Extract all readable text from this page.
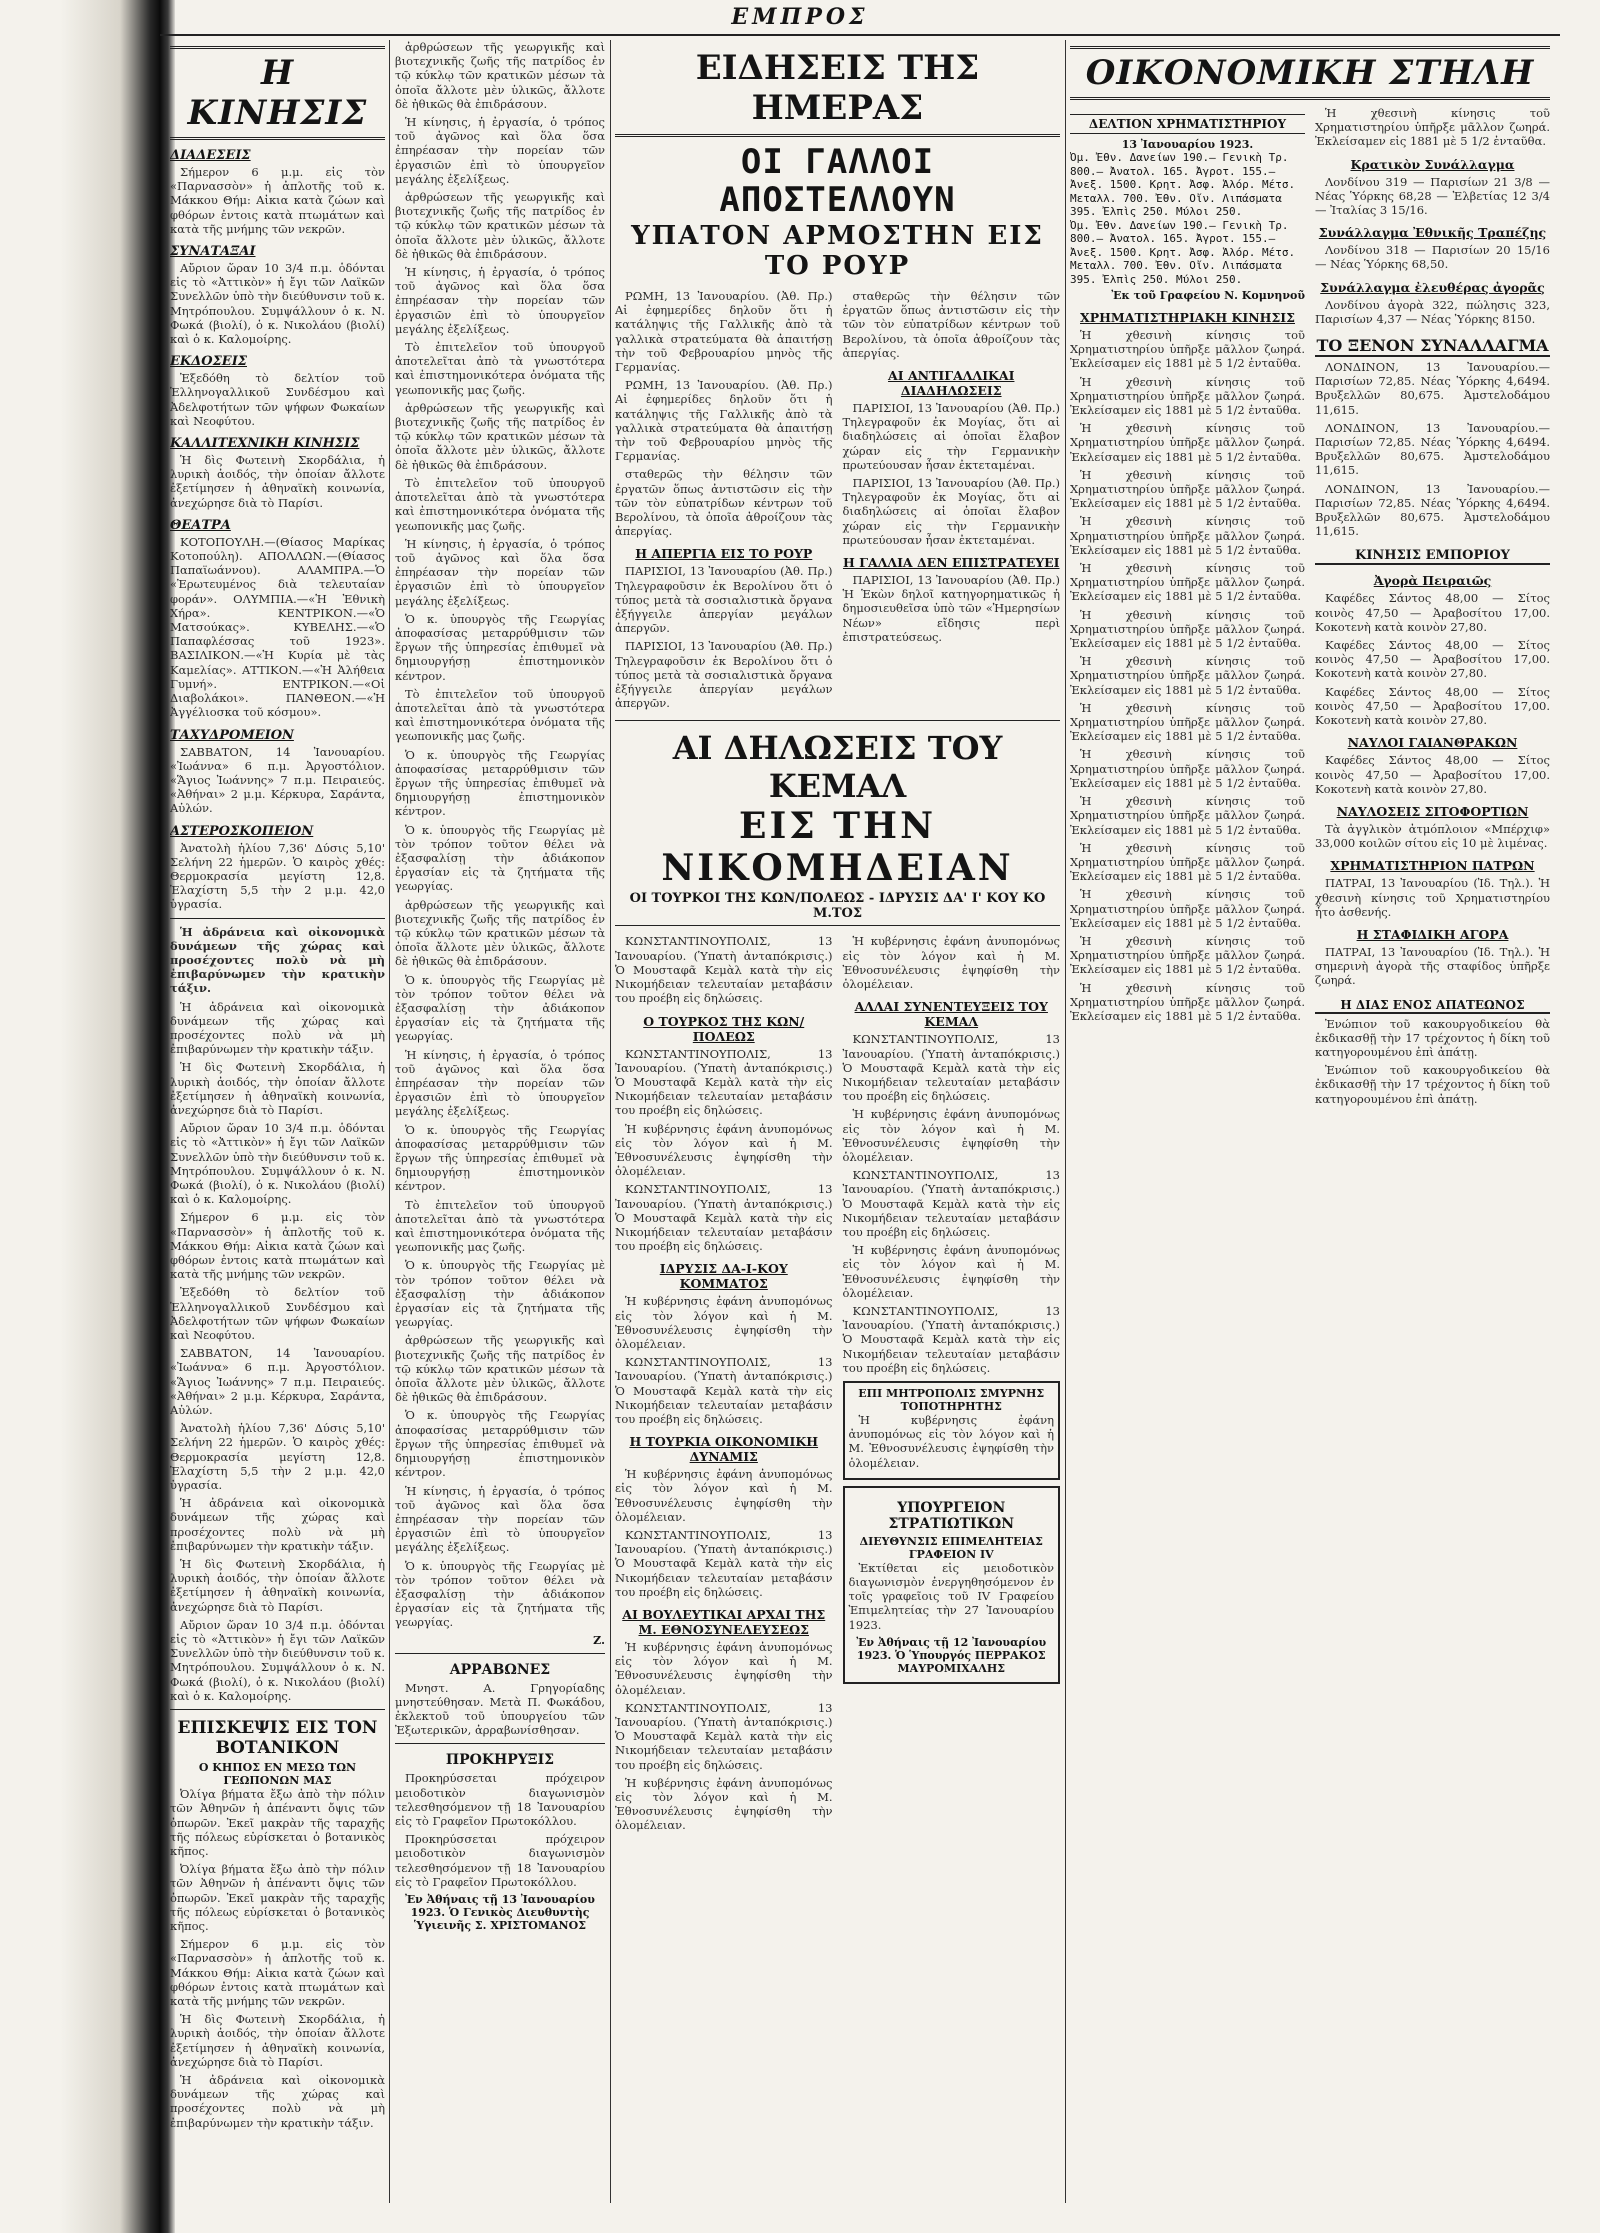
ΕΜΠΡΟΣ
Η ΚΙΝΗΣΙΣ
ΔΙΑΔΕΣΕΙΣ

Σήμερον 6 μ.μ. εἰς τὸν «Παρνασσὸν» ἡ ἀπλοτῆς τοῦ κ. Μάκκου Θήμ: Αἰκια κατὰ ζώων καὶ φθόρων ἐντοις κατὰ πτωμάτων καὶ κατὰ τῆς μνήμης τῶν νεκρῶν.

ΣΥΝΑΤΑΞΑΙ

Αὔριον ὥραν 10 3/4 π.μ. ὁδόνται εἰς τὸ «Ἀττικὸν» ἡ ἔγι τῶν Λαϊκῶν Συνελλῶν ὑπὸ τὴν διεύθυνσιν τοῦ κ. Μητρόπουλου. Συμψάλλουν ὁ κ. Ν. Φωκά (βιολί), ὁ κ. Νικολάου (βιολί) καὶ ὁ κ. Καλομοίρης.

ΕΚΔΟΣΕΙΣ

Ἐξεδόθη τὸ δελτίον τοῦ Ἑλληνογαλλικοῦ Συνδέσμου καὶ Ἀδελφοτήτων τῶν ψήφων Φωκαίων καὶ Νεοφύτου.

ΚΑΛΛΙΤΕΧΝΙΚΗ ΚΙΝΗΣΙΣ

Ἡ δὶς Φωτεινὴ Σκορδάλια, ἡ λυρικὴ ἀοιδός, τὴν ὁποίαν ἄλλοτε ἐξετίμησεν ἡ ἀθηναϊκὴ κοινωνία, ἀνεχώρησε διὰ τὸ Παρίσι.

ΘΕΑΤΡΑ

ΚΟΤΟΠΟΥΛΗ.—(Θίασος Μαρίκας Κοτοπούλη). ΑΠΟΛΛΩΝ.—(Θίασος Παπαϊωάννου). ΑΛΑΜΠΡΑ.—Ὁ «Ἐρωτευμένος διὰ τελευταίαν φοράν». ΟΛΥΜΠΙΑ.—«Ἡ Ἐθνικὴ Χήρα». ΚΕΝΤΡΙΚΟΝ.—«Ὁ Ματσούκας». ΚΥΒΕΛΗΣ.—«Ὁ Παπαφλέσσας τοῦ 1923». ΒΑΣΙΛΙΚΟΝ.—«Ἡ Κυρία μὲ τὰς Καμελίας». ΑΤΤΙΚΟΝ.—«Ἡ Ἀλήθεια Γυμνή». ΕΝΤΡΙΚΟΝ.—«Οἱ Διαβολάκοι». ΠΑΝΘΕΟΝ.—«Ἡ Ἀγγέλιοσκα τοῦ κόσμου».

ΤΑΧΥΔΡΟΜΕΙΟΝ

ΣΑΒΒΑΤΟΝ, 14 Ἰανουαρίου. «Ἰωάννα» 6 π.μ. Ἀργοστόλιον. «Ἅγιος Ἰωάννης» 7 π.μ. Πειραιεύς. «Ἀθήναι» 2 μ.μ. Κέρκυρα, Σαράντα, Αὐλών.

ΑΣΤΕΡΟΣΚΟΠΕΙΟΝ

Ἀνατολὴ ἡλίου 7,36' Δύσις 5,10' Σελήνη 22 ἡμερῶν. Ὁ καιρὸς χθές: Θερμοκρασία μεγίστη 12,8. Ἐλαχίστη 5,5 τὴν 2 μ.μ. 42,0 ὑγρασία.

Ἡ ἀδράνεια καὶ οἰκονομικὰ δυνάμεων τῆς χώρας καὶ προσέχοντες πολὺ νὰ μὴ ἐπιβαρύνωμεν τὴν κρατικὴν τάξιν.

Ἡ ἀδράνεια καὶ οἰκονομικὰ δυνάμεων τῆς χώρας καὶ προσέχοντες πολὺ νὰ μὴ ἐπιβαρύνωμεν τὴν κρατικὴν τάξιν.

Ἡ δὶς Φωτεινὴ Σκορδάλια, ἡ λυρικὴ ἀοιδός, τὴν ὁποίαν ἄλλοτε ἐξετίμησεν ἡ ἀθηναϊκὴ κοινωνία, ἀνεχώρησε διὰ τὸ Παρίσι.

Αὔριον ὥραν 10 3/4 π.μ. ὁδόνται εἰς τὸ «Ἀττικὸν» ἡ ἔγι τῶν Λαϊκῶν Συνελλῶν ὑπὸ τὴν διεύθυνσιν τοῦ κ. Μητρόπουλου. Συμψάλλουν ὁ κ. Ν. Φωκά (βιολί), ὁ κ. Νικολάου (βιολί) καὶ ὁ κ. Καλομοίρης.

Σήμερον 6 μ.μ. εἰς τὸν «Παρνασσὸν» ἡ ἀπλοτῆς τοῦ κ. Μάκκου Θήμ: Αἰκια κατὰ ζώων καὶ φθόρων ἐντοις κατὰ πτωμάτων καὶ κατὰ τῆς μνήμης τῶν νεκρῶν.

Ἐξεδόθη τὸ δελτίον τοῦ Ἑλληνογαλλικοῦ Συνδέσμου καὶ Ἀδελφοτήτων τῶν ψήφων Φωκαίων καὶ Νεοφύτου.

ΣΑΒΒΑΤΟΝ, 14 Ἰανουαρίου. «Ἰωάννα» 6 π.μ. Ἀργοστόλιον. «Ἅγιος Ἰωάννης» 7 π.μ. Πειραιεύς. «Ἀθήναι» 2 μ.μ. Κέρκυρα, Σαράντα, Αὐλών.

Ἀνατολὴ ἡλίου 7,36' Δύσις 5,10' Σελήνη 22 ἡμερῶν. Ὁ καιρὸς χθές: Θερμοκρασία μεγίστη 12,8. Ἐλαχίστη 5,5 τὴν 2 μ.μ. 42,0 ὑγρασία.

Ἡ ἀδράνεια καὶ οἰκονομικὰ δυνάμεων τῆς χώρας καὶ προσέχοντες πολὺ νὰ μὴ ἐπιβαρύνωμεν τὴν κρατικὴν τάξιν.

Ἡ δὶς Φωτεινὴ Σκορδάλια, ἡ λυρικὴ ἀοιδός, τὴν ὁποίαν ἄλλοτε ἐξετίμησεν ἡ ἀθηναϊκὴ κοινωνία, ἀνεχώρησε διὰ τὸ Παρίσι.

Αὔριον ὥραν 10 3/4 π.μ. ὁδόνται εἰς τὸ «Ἀττικὸν» ἡ ἔγι τῶν Λαϊκῶν Συνελλῶν ὑπὸ τὴν διεύθυνσιν τοῦ κ. Μητρόπουλου. Συμψάλλουν ὁ κ. Ν. Φωκά (βιολί), ὁ κ. Νικολάου (βιολί) καὶ ὁ κ. Καλομοίρης.

ΕΠΙΣΚΕΨΙΣ ΕΙΣ ΤΟΝ ΒΟΤΑΝΙΚΟΝ
Ο ΚΗΠΟΣ ΕΝ ΜΕΣΩ ΤΩΝ ΓΕΩΠΟΝΩΝ ΜΑΣ

Ὀλίγα βήματα ἔξω ἀπὸ τὴν πόλιν τῶν Ἀθηνῶν ἡ ἀπέναντι ὄψις τῶν ὀπωρῶν. Ἐκεῖ μακρὰν τῆς ταραχῆς τῆς πόλεως εὑρίσκεται ὁ βοτανικὸς κῆπος.

Ὀλίγα βήματα ἔξω ἀπὸ τὴν πόλιν τῶν Ἀθηνῶν ἡ ἀπέναντι ὄψις τῶν ὀπωρῶν. Ἐκεῖ μακρὰν τῆς ταραχῆς τῆς πόλεως εὑρίσκεται ὁ βοτανικὸς κῆπος.

Σήμερον 6 μ.μ. εἰς τὸν «Παρνασσὸν» ἡ ἀπλοτῆς τοῦ κ. Μάκκου Θήμ: Αἰκια κατὰ ζώων καὶ φθόρων ἐντοις κατὰ πτωμάτων καὶ κατὰ τῆς μνήμης τῶν νεκρῶν.

Ἡ δὶς Φωτεινὴ Σκορδάλια, ἡ λυρικὴ ἀοιδός, τὴν ὁποίαν ἄλλοτε ἐξετίμησεν ἡ ἀθηναϊκὴ κοινωνία, ἀνεχώρησε διὰ τὸ Παρίσι.

Ἡ ἀδράνεια καὶ οἰκονομικὰ δυνάμεων τῆς χώρας καὶ προσέχοντες πολὺ νὰ μὴ ἐπιβαρύνωμεν τὴν κρατικὴν τάξιν.

ἀρθρώσεων τῆς γεωργικῆς καὶ βιοτεχνικῆς ζωῆς τῆς πατρίδος ἐν τῷ κύκλῳ τῶν κρατικῶν μέσων τὰ ὁποῖα ἄλλοτε μὲν ὑλικῶς, ἄλλοτε δὲ ἠθικῶς θὰ ἐπιδράσουν.

Ἡ κίνησις, ἡ ἐργασία, ὁ τρόπος τοῦ ἀγῶνος καὶ ὅλα ὅσα ἐπηρέασαν τὴν πορείαν τῶν ἐργασιῶν ἐπὶ τὸ ὑπουργεῖον μεγάλης ἐξελίξεως.

ἀρθρώσεων τῆς γεωργικῆς καὶ βιοτεχνικῆς ζωῆς τῆς πατρίδος ἐν τῷ κύκλῳ τῶν κρατικῶν μέσων τὰ ὁποῖα ἄλλοτε μὲν ὑλικῶς, ἄλλοτε δὲ ἠθικῶς θὰ ἐπιδράσουν.

Ἡ κίνησις, ἡ ἐργασία, ὁ τρόπος τοῦ ἀγῶνος καὶ ὅλα ὅσα ἐπηρέασαν τὴν πορείαν τῶν ἐργασιῶν ἐπὶ τὸ ὑπουργεῖον μεγάλης ἐξελίξεως.

Τὸ ἐπιτελεῖον τοῦ ὑπουργοῦ ἀποτελεῖται ἀπὸ τὰ γνωστότερα καὶ ἐπιστημονικότερα ὀνόματα τῆς γεωπονικῆς μας ζωῆς.

ἀρθρώσεων τῆς γεωργικῆς καὶ βιοτεχνικῆς ζωῆς τῆς πατρίδος ἐν τῷ κύκλῳ τῶν κρατικῶν μέσων τὰ ὁποῖα ἄλλοτε μὲν ὑλικῶς, ἄλλοτε δὲ ἠθικῶς θὰ ἐπιδράσουν.

Τὸ ἐπιτελεῖον τοῦ ὑπουργοῦ ἀποτελεῖται ἀπὸ τὰ γνωστότερα καὶ ἐπιστημονικότερα ὀνόματα τῆς γεωπονικῆς μας ζωῆς.

Ἡ κίνησις, ἡ ἐργασία, ὁ τρόπος τοῦ ἀγῶνος καὶ ὅλα ὅσα ἐπηρέασαν τὴν πορείαν τῶν ἐργασιῶν ἐπὶ τὸ ὑπουργεῖον μεγάλης ἐξελίξεως.

Ὁ κ. ὑπουργὸς τῆς Γεωργίας ἀποφασίσας μεταρρύθμισιν τῶν ἔργων τῆς ὑπηρεσίας ἐπιθυμεῖ νὰ δημιουργήσῃ ἐπιστημονικὸν κέντρον.

Τὸ ἐπιτελεῖον τοῦ ὑπουργοῦ ἀποτελεῖται ἀπὸ τὰ γνωστότερα καὶ ἐπιστημονικότερα ὀνόματα τῆς γεωπονικῆς μας ζωῆς.

Ὁ κ. ὑπουργὸς τῆς Γεωργίας ἀποφασίσας μεταρρύθμισιν τῶν ἔργων τῆς ὑπηρεσίας ἐπιθυμεῖ νὰ δημιουργήσῃ ἐπιστημονικὸν κέντρον.

Ὁ κ. ὑπουργὸς τῆς Γεωργίας μὲ τὸν τρόπον τοῦτον θέλει νὰ ἐξασφαλίσῃ τὴν ἀδιάκοπον ἐργασίαν εἰς τὰ ζητήματα τῆς γεωργίας.

ἀρθρώσεων τῆς γεωργικῆς καὶ βιοτεχνικῆς ζωῆς τῆς πατρίδος ἐν τῷ κύκλῳ τῶν κρατικῶν μέσων τὰ ὁποῖα ἄλλοτε μὲν ὑλικῶς, ἄλλοτε δὲ ἠθικῶς θὰ ἐπιδράσουν.

Ὁ κ. ὑπουργὸς τῆς Γεωργίας μὲ τὸν τρόπον τοῦτον θέλει νὰ ἐξασφαλίσῃ τὴν ἀδιάκοπον ἐργασίαν εἰς τὰ ζητήματα τῆς γεωργίας.

Ἡ κίνησις, ἡ ἐργασία, ὁ τρόπος τοῦ ἀγῶνος καὶ ὅλα ὅσα ἐπηρέασαν τὴν πορείαν τῶν ἐργασιῶν ἐπὶ τὸ ὑπουργεῖον μεγάλης ἐξελίξεως.

Ὁ κ. ὑπουργὸς τῆς Γεωργίας ἀποφασίσας μεταρρύθμισιν τῶν ἔργων τῆς ὑπηρεσίας ἐπιθυμεῖ νὰ δημιουργήσῃ ἐπιστημονικὸν κέντρον.

Τὸ ἐπιτελεῖον τοῦ ὑπουργοῦ ἀποτελεῖται ἀπὸ τὰ γνωστότερα καὶ ἐπιστημονικότερα ὀνόματα τῆς γεωπονικῆς μας ζωῆς.

Ὁ κ. ὑπουργὸς τῆς Γεωργίας μὲ τὸν τρόπον τοῦτον θέλει νὰ ἐξασφαλίσῃ τὴν ἀδιάκοπον ἐργασίαν εἰς τὰ ζητήματα τῆς γεωργίας.

ἀρθρώσεων τῆς γεωργικῆς καὶ βιοτεχνικῆς ζωῆς τῆς πατρίδος ἐν τῷ κύκλῳ τῶν κρατικῶν μέσων τὰ ὁποῖα ἄλλοτε μὲν ὑλικῶς, ἄλλοτε δὲ ἠθικῶς θὰ ἐπιδράσουν.

Ὁ κ. ὑπουργὸς τῆς Γεωργίας ἀποφασίσας μεταρρύθμισιν τῶν ἔργων τῆς ὑπηρεσίας ἐπιθυμεῖ νὰ δημιουργήσῃ ἐπιστημονικὸν κέντρον.

Ἡ κίνησις, ἡ ἐργασία, ὁ τρόπος τοῦ ἀγῶνος καὶ ὅλα ὅσα ἐπηρέασαν τὴν πορείαν τῶν ἐργασιῶν ἐπὶ τὸ ὑπουργεῖον μεγάλης ἐξελίξεως.

Ὁ κ. ὑπουργὸς τῆς Γεωργίας μὲ τὸν τρόπον τοῦτον θέλει νὰ ἐξασφαλίσῃ τὴν ἀδιάκοπον ἐργασίαν εἰς τὰ ζητήματα τῆς γεωργίας.

Ζ.
ΑΡΡΑΒΩΝΕΣ

Μνηστ. Α. Γρηγορίαδης μνηστεύθησαν. Μετὰ Π. Φωκάδου, ἐκλεκτοῦ τοῦ ὑπουργείου τῶν Ἐξωτερικῶν, ἀρραβωνίσθησαν.

ΠΡΟΚΗΡΥΞΙΣ

Προκηρύσσεται πρόχειρον μειοδοτικὸν διαγωνισμὸν τελεσθησόμενον τῇ 18 Ἰανουαρίου εἰς τὸ Γραφεῖον Πρωτοκόλλου.

Προκηρύσσεται πρόχειρον μειοδοτικὸν διαγωνισμὸν τελεσθησόμενον τῇ 18 Ἰανουαρίου εἰς τὸ Γραφεῖον Πρωτοκόλλου.

Ἐν Ἀθήναις τῇ 13 Ἰανουαρίου 1923. Ὁ Γενικὸς Διευθυντὴς Ὑγιεινῆς Σ. ΧΡΙΣΤΟΜΑΝΟΣ
ΕΙΔΗΣΕΙΣ ΤΗΣ ΗΜΕΡΑΣ
ΟΙ ΓΑΛΛΟΙ ΑΠΟΣΤΕΛΛΟΥΝ
ΥΠΑΤΟΝ ΑΡΜΟΣΤΗΝ ΕΙΣ ΤΟ ΡΟΥΡ

ΡΩΜΗ, 13 Ἰανουαρίου. (Ἀθ. Πρ.) Αἱ ἐφημερίδες δηλοῦν ὅτι ἡ κατάληψις τῆς Γαλλικῆς ἀπὸ τὰ γαλλικὰ στρατεύματα θὰ ἀπαιτήσῃ τὴν τοῦ Φεβρουαρίου μηνὸς τῆς Γερμανίας.

ΡΩΜΗ, 13 Ἰανουαρίου. (Ἀθ. Πρ.) Αἱ ἐφημερίδες δηλοῦν ὅτι ἡ κατάληψις τῆς Γαλλικῆς ἀπὸ τὰ γαλλικὰ στρατεύματα θὰ ἀπαιτήσῃ τὴν τοῦ Φεβρουαρίου μηνὸς τῆς Γερμανίας.

σταθερῶς τὴν θέλησιν τῶν ἐργατῶν ὅπως ἀντιστῶσιν εἰς τὴν τῶν τὸν εὐπατρίδων κέντρων τοῦ Βερολίνου, τὰ ὁποῖα ἀθροίζουν τὰς ἀπεργίας.

Η ΑΠΕΡΓΙΑ ΕΙΣ ΤΟ ΡΟΥΡ

ΠΑΡΙΣΙΟΙ, 13 Ἰανουαρίου (Ἀθ. Πρ.) Τηλεγραφοῦσιν ἐκ Βερολίνου ὅτι ὁ τύπος μετὰ τὰ σοσιαλιστικὰ ὄργανα ἐξήγγειλε ἀπεργίαν μεγάλων ἀπεργῶν.

ΠΑΡΙΣΙΟΙ, 13 Ἰανουαρίου (Ἀθ. Πρ.) Τηλεγραφοῦσιν ἐκ Βερολίνου ὅτι ὁ τύπος μετὰ τὰ σοσιαλιστικὰ ὄργανα ἐξήγγειλε ἀπεργίαν μεγάλων ἀπεργῶν.

σταθερῶς τὴν θέλησιν τῶν ἐργατῶν ὅπως ἀντιστῶσιν εἰς τὴν τῶν τὸν εὐπατρίδων κέντρων τοῦ Βερολίνου, τὰ ὁποῖα ἀθροίζουν τὰς ἀπεργίας.

ΑΙ ΑΝΤΙΓΑΛΛΙΚΑΙ ΔΙΑΔΗΛΩΣΕΙΣ

ΠΑΡΙΣΙΟΙ, 13 Ἰανουαρίου (Ἀθ. Πρ.) Τηλεγραφοῦν ἐκ Μογίας, ὅτι αἱ διαδηλώσεις αἱ ὁποῖαι ἔλαβον χώραν εἰς τὴν Γερμανικὴν πρωτεύουσαν ἦσαν ἐκτεταμέναι.

ΠΑΡΙΣΙΟΙ, 13 Ἰανουαρίου (Ἀθ. Πρ.) Τηλεγραφοῦν ἐκ Μογίας, ὅτι αἱ διαδηλώσεις αἱ ὁποῖαι ἔλαβον χώραν εἰς τὴν Γερμανικὴν πρωτεύουσαν ἦσαν ἐκτεταμέναι.

Η ΓΑΛΛΙΑ ΔΕΝ ΕΠΙΣΤΡΑΤΕΥΕΙ

ΠΑΡΙΣΙΟΙ, 13 Ἰανουαρίου (Ἀθ. Πρ.) Ἡ Ἑκὼν δηλοῖ κατηγορηματικῶς ἡ δημοσιευθεῖσα ὑπὸ τῶν «Ἡμερησίων Νέων» εἴδησις περὶ ἐπιστρατεύσεως.

ΑΙ ΔΗΛΩΣΕΙΣ ΤΟΥ ΚΕΜΑΛ
ΕΙΣ ΤΗΝ ΝΙΚΟΜΗΔΕΙΑΝ
ΟΙ ΤΟΥΡΚΟΙ ΤΗΣ ΚΩΝ/ΠΟΛΕΩΣ - ΙΔΡΥΣΙΣ ΔΑ' Ι' ΚΟΥ ΚΟ Μ.ΤΟΣ

ΚΩΝΣΤΑΝΤΙΝΟΥΠΟΛΙΣ, 13 Ἰανουαρίου. (Ὑπατὴ ἀνταπόκρισις.) Ὁ Μουσταφᾶ Κεμὰλ κατὰ τὴν εἰς Νικομήδειαν τελευταίαν μεταβάσιν του προέβη εἰς δηλώσεις.

Ο ΤΟΥΡΚΟΣ ΤΗΣ ΚΩΝ/ΠΟΛΕΩΣ

ΚΩΝΣΤΑΝΤΙΝΟΥΠΟΛΙΣ, 13 Ἰανουαρίου. (Ὑπατὴ ἀνταπόκρισις.) Ὁ Μουσταφᾶ Κεμὰλ κατὰ τὴν εἰς Νικομήδειαν τελευταίαν μεταβάσιν του προέβη εἰς δηλώσεις.

Ἡ κυβέρνησις ἐφάνη ἀνυπομόνως εἰς τὸν λόγον καὶ ἡ Μ. Ἐθνοσυνέλευσις ἐψηφίσθη τὴν ὁλομέλειαν.

ΚΩΝΣΤΑΝΤΙΝΟΥΠΟΛΙΣ, 13 Ἰανουαρίου. (Ὑπατὴ ἀνταπόκρισις.) Ὁ Μουσταφᾶ Κεμὰλ κατὰ τὴν εἰς Νικομήδειαν τελευταίαν μεταβάσιν του προέβη εἰς δηλώσεις.

ΙΔΡΥΣΙΣ ΔΑ-Ι-ΚΟΥ ΚΟΜΜΑΤΟΣ

Ἡ κυβέρνησις ἐφάνη ἀνυπομόνως εἰς τὸν λόγον καὶ ἡ Μ. Ἐθνοσυνέλευσις ἐψηφίσθη τὴν ὁλομέλειαν.

ΚΩΝΣΤΑΝΤΙΝΟΥΠΟΛΙΣ, 13 Ἰανουαρίου. (Ὑπατὴ ἀνταπόκρισις.) Ὁ Μουσταφᾶ Κεμὰλ κατὰ τὴν εἰς Νικομήδειαν τελευταίαν μεταβάσιν του προέβη εἰς δηλώσεις.

Η ΤΟΥΡΚΙΑ ΟΙΚΟΝΟΜΙΚΗ ΔΥΝΑΜΙΣ

Ἡ κυβέρνησις ἐφάνη ἀνυπομόνως εἰς τὸν λόγον καὶ ἡ Μ. Ἐθνοσυνέλευσις ἐψηφίσθη τὴν ὁλομέλειαν.

ΚΩΝΣΤΑΝΤΙΝΟΥΠΟΛΙΣ, 13 Ἰανουαρίου. (Ὑπατὴ ἀνταπόκρισις.) Ὁ Μουσταφᾶ Κεμὰλ κατὰ τὴν εἰς Νικομήδειαν τελευταίαν μεταβάσιν του προέβη εἰς δηλώσεις.

ΑΙ ΒΟΥΛΕΥΤΙΚΑΙ ΑΡΧΑΙ ΤΗΣ Μ. ΕΘΝΟΣΥΝΕΛΕΥΣΕΩΣ

Ἡ κυβέρνησις ἐφάνη ἀνυπομόνως εἰς τὸν λόγον καὶ ἡ Μ. Ἐθνοσυνέλευσις ἐψηφίσθη τὴν ὁλομέλειαν.

ΚΩΝΣΤΑΝΤΙΝΟΥΠΟΛΙΣ, 13 Ἰανουαρίου. (Ὑπατὴ ἀνταπόκρισις.) Ὁ Μουσταφᾶ Κεμὰλ κατὰ τὴν εἰς Νικομήδειαν τελευταίαν μεταβάσιν του προέβη εἰς δηλώσεις.

Ἡ κυβέρνησις ἐφάνη ἀνυπομόνως εἰς τὸν λόγον καὶ ἡ Μ. Ἐθνοσυνέλευσις ἐψηφίσθη τὴν ὁλομέλειαν.

Ἡ κυβέρνησις ἐφάνη ἀνυπομόνως εἰς τὸν λόγον καὶ ἡ Μ. Ἐθνοσυνέλευσις ἐψηφίσθη τὴν ὁλομέλειαν.

ΑΛΛΑΙ ΣΥΝΕΝΤΕΥΞΕΙΣ ΤΟΥ ΚΕΜΑΛ

ΚΩΝΣΤΑΝΤΙΝΟΥΠΟΛΙΣ, 13 Ἰανουαρίου. (Ὑπατὴ ἀνταπόκρισις.) Ὁ Μουσταφᾶ Κεμὰλ κατὰ τὴν εἰς Νικομήδειαν τελευταίαν μεταβάσιν του προέβη εἰς δηλώσεις.

Ἡ κυβέρνησις ἐφάνη ἀνυπομόνως εἰς τὸν λόγον καὶ ἡ Μ. Ἐθνοσυνέλευσις ἐψηφίσθη τὴν ὁλομέλειαν.

ΚΩΝΣΤΑΝΤΙΝΟΥΠΟΛΙΣ, 13 Ἰανουαρίου. (Ὑπατὴ ἀνταπόκρισις.) Ὁ Μουσταφᾶ Κεμὰλ κατὰ τὴν εἰς Νικομήδειαν τελευταίαν μεταβάσιν του προέβη εἰς δηλώσεις.

Ἡ κυβέρνησις ἐφάνη ἀνυπομόνως εἰς τὸν λόγον καὶ ἡ Μ. Ἐθνοσυνέλευσις ἐψηφίσθη τὴν ὁλομέλειαν.

ΚΩΝΣΤΑΝΤΙΝΟΥΠΟΛΙΣ, 13 Ἰανουαρίου. (Ὑπατὴ ἀνταπόκρισις.) Ὁ Μουσταφᾶ Κεμὰλ κατὰ τὴν εἰς Νικομήδειαν τελευταίαν μεταβάσιν του προέβη εἰς δηλώσεις.

ΕΠΙ ΜΗΤΡΟΠΟΛΙΣ ΣΜΥΡΝΗΣ ΤΟΠΟΤΗΡΗΤΗΣ

Ἡ κυβέρνησις ἐφάνη ἀνυπομόνως εἰς τὸν λόγον καὶ ἡ Μ. Ἐθνοσυνέλευσις ἐψηφίσθη τὴν ὁλομέλειαν.

ΥΠΟΥΡΓΕΙΟΝ ΣΤΡΑΤΙΩΤΙΚΩΝ
ΔΙΕΥΘΥΝΣΙΣ ΕΠΙΜΕΛΗΤΕΙΑΣ ΓΡΑΦΕΙΟΝ IV

Ἐκτίθεται εἰς μειοδοτικὸν διαγωνισμὸν ἐνεργηθησόμενον ἐν τοῖς γραφεῖοις τοῦ IV Γραφείου Ἐπιμελητείας τὴν 27 Ἰανουαρίου 1923.

Ἐν Ἀθήναις τῇ 12 Ἰανουαρίου 1923. Ὁ Ὑπουργός ΠΕΡΡΑΚΟΣ ΜΑΥΡΟΜΙΧΑΛΗΣ
ΟΙΚΟΝΟΜΙΚΗ ΣΤΗΛΗ
ΔΕΛΤΙΟΝ ΧΡΗΜΑΤΙΣΤΗΡΙΟΥ
13 Ἰανουαρίου 1923.
Ὀμ. Ἐθν. Δανείων 190.— Γενικὴ Τρ. 800.— Ἀνατολ. 165. Ἀγροτ. 155.— Ἀνεξ. 1500. Κρητ. Ἀσφ. Ἁλόρ. Μέτσ. Μεταλλ. 700. Ἐθν. Οἴν. Λιπάσματα 395. Ἐλπὶς 250. Μύλοι 250.
Ὀμ. Ἐθν. Δανείων 190.— Γενικὴ Τρ. 800.— Ἀνατολ. 165. Ἀγροτ. 155.— Ἀνεξ. 1500. Κρητ. Ἀσφ. Ἁλόρ. Μέτσ. Μεταλλ. 700. Ἐθν. Οἴν. Λιπάσματα 395. Ἐλπὶς 250. Μύλοι 250.
Ἐκ τοῦ Γραφείου Ν. Κομνηνοῦ
ΧΡΗΜΑΤΙΣΤΗΡΙΑΚΗ ΚΙΝΗΣΙΣ

Ἡ χθεσινὴ κίνησις τοῦ Χρηματιστηρίου ὑπῆρξε μᾶλλον ζωηρά. Ἐκλείσαμεν εἰς 1881 μὲ 5 1/2 ἐνταῦθα.

Ἡ χθεσινὴ κίνησις τοῦ Χρηματιστηρίου ὑπῆρξε μᾶλλον ζωηρά. Ἐκλείσαμεν εἰς 1881 μὲ 5 1/2 ἐνταῦθα.

Ἡ χθεσινὴ κίνησις τοῦ Χρηματιστηρίου ὑπῆρξε μᾶλλον ζωηρά. Ἐκλείσαμεν εἰς 1881 μὲ 5 1/2 ἐνταῦθα.

Ἡ χθεσινὴ κίνησις τοῦ Χρηματιστηρίου ὑπῆρξε μᾶλλον ζωηρά. Ἐκλείσαμεν εἰς 1881 μὲ 5 1/2 ἐνταῦθα.

Ἡ χθεσινὴ κίνησις τοῦ Χρηματιστηρίου ὑπῆρξε μᾶλλον ζωηρά. Ἐκλείσαμεν εἰς 1881 μὲ 5 1/2 ἐνταῦθα.

Ἡ χθεσινὴ κίνησις τοῦ Χρηματιστηρίου ὑπῆρξε μᾶλλον ζωηρά. Ἐκλείσαμεν εἰς 1881 μὲ 5 1/2 ἐνταῦθα.

Ἡ χθεσινὴ κίνησις τοῦ Χρηματιστηρίου ὑπῆρξε μᾶλλον ζωηρά. Ἐκλείσαμεν εἰς 1881 μὲ 5 1/2 ἐνταῦθα.

Ἡ χθεσινὴ κίνησις τοῦ Χρηματιστηρίου ὑπῆρξε μᾶλλον ζωηρά. Ἐκλείσαμεν εἰς 1881 μὲ 5 1/2 ἐνταῦθα.

Ἡ χθεσινὴ κίνησις τοῦ Χρηματιστηρίου ὑπῆρξε μᾶλλον ζωηρά. Ἐκλείσαμεν εἰς 1881 μὲ 5 1/2 ἐνταῦθα.

Ἡ χθεσινὴ κίνησις τοῦ Χρηματιστηρίου ὑπῆρξε μᾶλλον ζωηρά. Ἐκλείσαμεν εἰς 1881 μὲ 5 1/2 ἐνταῦθα.

Ἡ χθεσινὴ κίνησις τοῦ Χρηματιστηρίου ὑπῆρξε μᾶλλον ζωηρά. Ἐκλείσαμεν εἰς 1881 μὲ 5 1/2 ἐνταῦθα.

Ἡ χθεσινὴ κίνησις τοῦ Χρηματιστηρίου ὑπῆρξε μᾶλλον ζωηρά. Ἐκλείσαμεν εἰς 1881 μὲ 5 1/2 ἐνταῦθα.

Ἡ χθεσινὴ κίνησις τοῦ Χρηματιστηρίου ὑπῆρξε μᾶλλον ζωηρά. Ἐκλείσαμεν εἰς 1881 μὲ 5 1/2 ἐνταῦθα.

Ἡ χθεσινὴ κίνησις τοῦ Χρηματιστηρίου ὑπῆρξε μᾶλλον ζωηρά. Ἐκλείσαμεν εἰς 1881 μὲ 5 1/2 ἐνταῦθα.

Ἡ χθεσινὴ κίνησις τοῦ Χρηματιστηρίου ὑπῆρξε μᾶλλον ζωηρά. Ἐκλείσαμεν εἰς 1881 μὲ 5 1/2 ἐνταῦθα.

Ἡ χθεσινὴ κίνησις τοῦ Χρηματιστηρίου ὑπῆρξε μᾶλλον ζωηρά. Ἐκλείσαμεν εἰς 1881 μὲ 5 1/2 ἐνταῦθα.

Κρατικὸν Συνάλλαγμα

Λονδίνου 319 — Παρισίων 21 3/8 — Νέας Ὑόρκης 68,28 — Ἑλβετίας 12 3/4 — Ἰταλίας 3 15/16.

Συνάλλαγμα Ἐθνικῆς Τραπέζης

Λονδίνου 318 — Παρισίων 20 15/16 — Νέας Ὑόρκης 68,50.

Συνάλλαγμα ἐλευθέρας ἀγορᾶς

Λονδίνου ἀγορὰ 322, πώλησις 323, Παρισίων 4,37 — Νέας Ὑόρκης 8150.

ΤΟ ΞΕΝΟΝ ΣΥΝΑΛΛΑΓΜΑ

ΛΟΝΔΙΝΟΝ, 13 Ἰανουαρίου.— Παρισίων 72,85. Νέας Ὑόρκης 4,6494. Βρυξελλῶν 80,675. Ἀμστελοδάμου 11,615.

ΛΟΝΔΙΝΟΝ, 13 Ἰανουαρίου.— Παρισίων 72,85. Νέας Ὑόρκης 4,6494. Βρυξελλῶν 80,675. Ἀμστελοδάμου 11,615.

ΛΟΝΔΙΝΟΝ, 13 Ἰανουαρίου.— Παρισίων 72,85. Νέας Ὑόρκης 4,6494. Βρυξελλῶν 80,675. Ἀμστελοδάμου 11,615.

ΚΙΝΗΣΙΣ ΕΜΠΟΡΙΟΥ
Ἀγορὰ Πειραιῶς

Καφέδες Σάντος 48,00 — Σίτος κοινὸς 47,50 — Ἀραβοσίτου 17,00. Κοκοτενὴ κατὰ κοινὸν 27,80.

Καφέδες Σάντος 48,00 — Σίτος κοινὸς 47,50 — Ἀραβοσίτου 17,00. Κοκοτενὴ κατὰ κοινὸν 27,80.

Καφέδες Σάντος 48,00 — Σίτος κοινὸς 47,50 — Ἀραβοσίτου 17,00. Κοκοτενὴ κατὰ κοινὸν 27,80.

ΝΑΥΛΟΙ ΓΑΙΑΝΘΡΑΚΩΝ

Καφέδες Σάντος 48,00 — Σίτος κοινὸς 47,50 — Ἀραβοσίτου 17,00. Κοκοτενὴ κατὰ κοινὸν 27,80.

ΝΑΥΛΟΣΕΙΣ ΣΙΤΟΦΟΡΤΙΩΝ

Τὰ ἀγγλικὸν ἀτμόπλοιον «Μπέρχιφ» 33,000 κοιλῶν σίτου εἰς 10 μὲ λιμένας.

ΧΡΗΜΑΤΙΣΤΗΡΙΟΝ ΠΑΤΡΩΝ

ΠΑΤΡΑΙ, 13 Ἰανουαρίου (Ἰδ. Τηλ.). Ἡ χθεσινὴ κίνησις τοῦ Χρηματιστηρίου ἦτο ἀσθενής.

Η ΣΤΑΦΙΔΙΚΗ ΑΓΟΡΑ

ΠΑΤΡΑΙ, 13 Ἰανουαρίου (Ἰδ. Τηλ.). Ἡ σημερινὴ ἀγορὰ τῆς σταφίδος ὑπῆρξε ζωηρά.

Η ΔΙΑΣ ΕΝΟΣ ΑΠΑΤΕΩΝΟΣ

Ἐνώπιον τοῦ κακουργοδικείου θὰ ἐκδικασθῇ τὴν 17 τρέχοντος ἡ δίκη τοῦ κατηγορουμένου ἐπὶ ἀπάτῃ.

Ἐνώπιον τοῦ κακουργοδικείου θὰ ἐκδικασθῇ τὴν 17 τρέχοντος ἡ δίκη τοῦ κατηγορουμένου ἐπὶ ἀπάτῃ.
